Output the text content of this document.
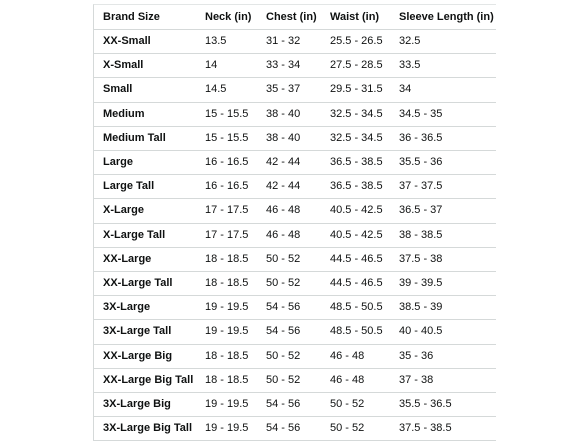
Brand Size	Neck (in)	Chest (in)	Waist (in)	Sleeve Length (in)
XX-Small	13.5	31 - 32	25.5 - 26.5	32.5
X-Small	14	33 - 34	27.5 - 28.5	33.5
Small	14.5	35 - 37	29.5 - 31.5	34
Medium	15 - 15.5	38 - 40	32.5 - 34.5	34.5 - 35
Medium Tall	15 - 15.5	38 - 40	32.5 - 34.5	36 - 36.5
Large	16 - 16.5	42 - 44	36.5 - 38.5	35.5 - 36
Large Tall	16 - 16.5	42 - 44	36.5 - 38.5	37 - 37.5
X-Large	17 - 17.5	46 - 48	40.5 - 42.5	36.5 - 37
X-Large Tall	17 - 17.5	46 - 48	40.5 - 42.5	38 - 38.5
XX-Large	18 - 18.5	50 - 52	44.5 - 46.5	37.5 - 38
XX-Large Tall	18 - 18.5	50 - 52	44.5 - 46.5	39 - 39.5
3X-Large	19 - 19.5	54 - 56	48.5 - 50.5	38.5 - 39
3X-Large Tall	19 - 19.5	54 - 56	48.5 - 50.5	40 - 40.5
XX-Large Big	18 - 18.5	50 - 52	46 - 48	35 - 36
XX-Large Big Tall	18 - 18.5	50 - 52	46 - 48	37 - 38
3X-Large Big	19 - 19.5	54 - 56	50 - 52	35.5 - 36.5
3X-Large Big Tall	19 - 19.5	54 - 56	50 - 52	37.5 - 38.5
